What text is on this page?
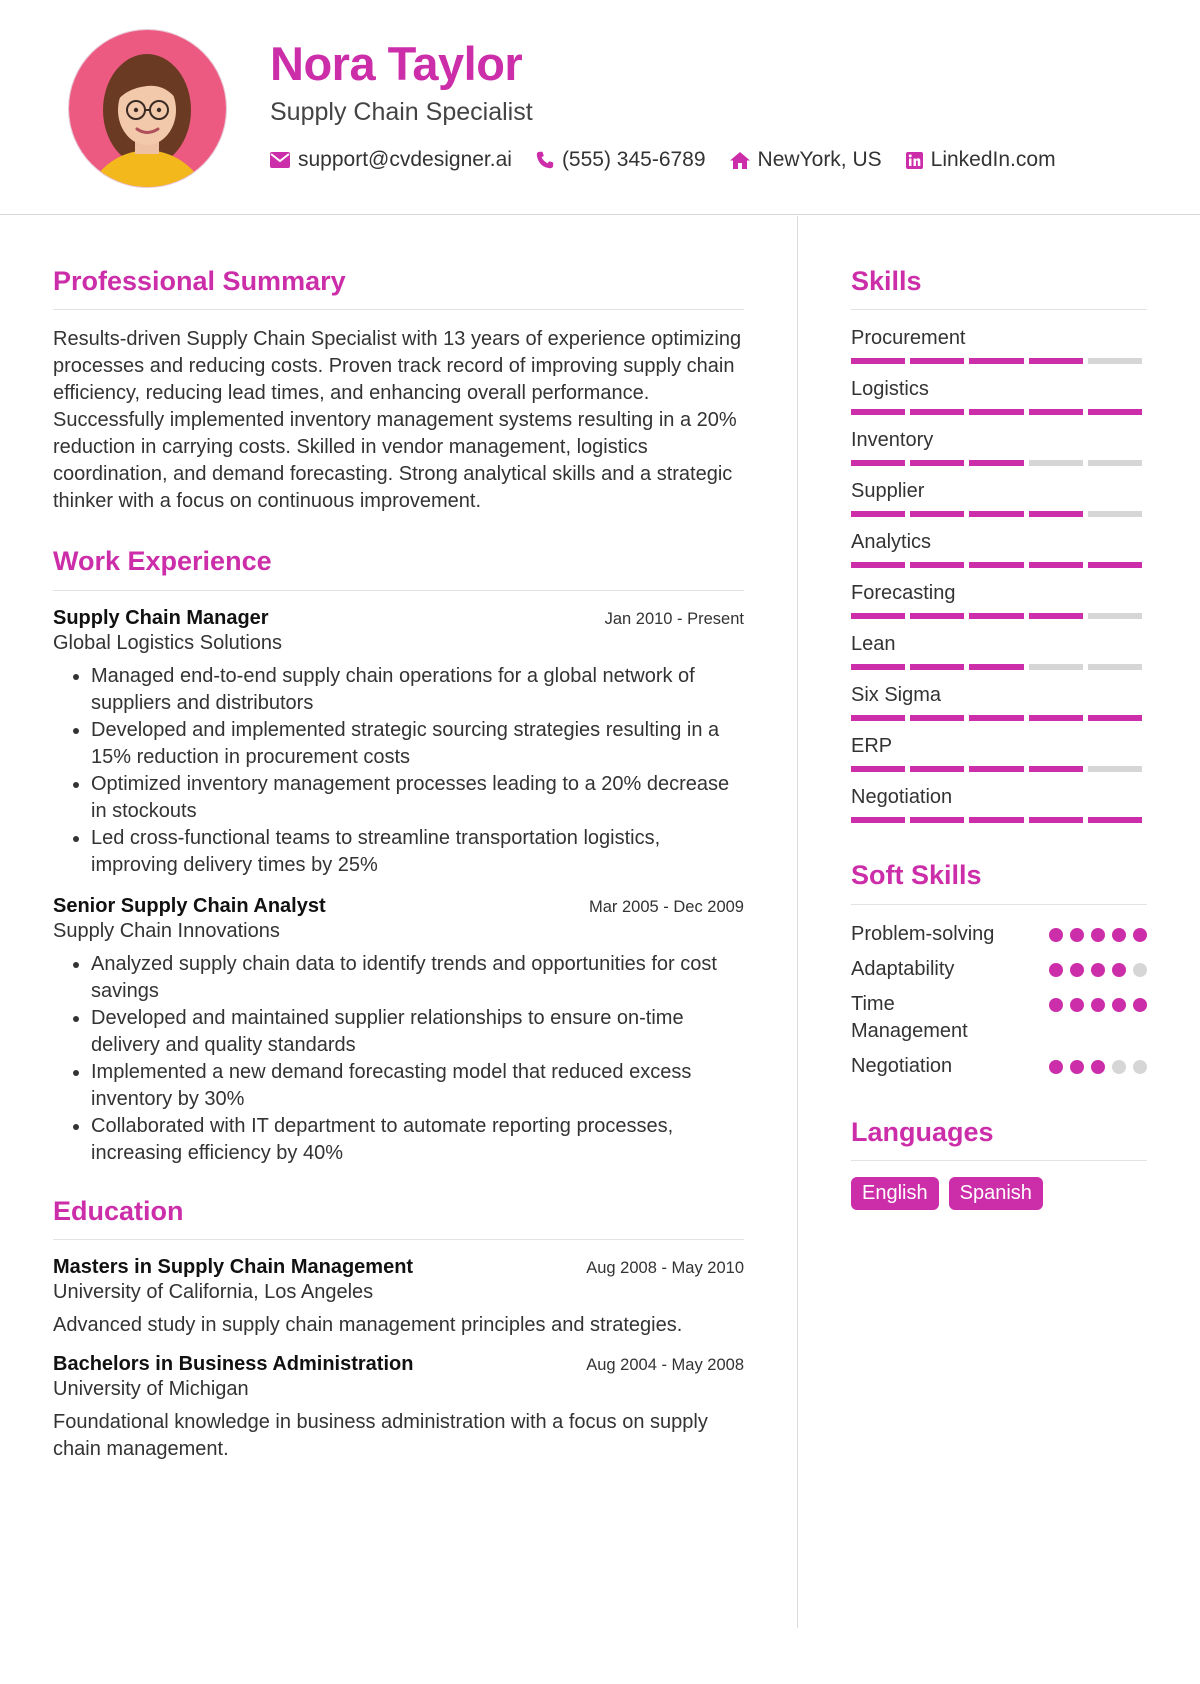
Nora Taylor
Supply Chain Specialist
support@cvdesigner.ai (555) 345-6789 NewYork, US LinkedIn.com
Professional Summary

Results-driven Supply Chain Specialist with 13 years of experience optimizing processes and reducing costs. Proven track record of improving supply chain efficiency, reducing lead times, and enhancing overall performance. Successfully implemented inventory management systems resulting in a 20% reduction in carrying costs. Skilled in vendor management, logistics coordination, and demand forecasting. Strong analytical skills and a strategic thinker with a focus on continuous improvement.

Work Experience
Supply Chain Manager	Jan 2010 - Present
Global Logistics Solutions
• Managed end-to-end supply chain operations for a global network of suppliers and distributors
• Developed and implemented strategic sourcing strategies resulting in a 15% reduction in procurement costs
• Optimized inventory management processes leading to a 20% decrease in stockouts
• Led cross-functional teams to streamline transportation logistics, improving delivery times by 25%
Senior Supply Chain Analyst	Mar 2005 - Dec 2009
Supply Chain Innovations
• Analyzed supply chain data to identify trends and opportunities for cost savings
• Developed and maintained supplier relationships to ensure on-time delivery and quality standards
• Implemented a new demand forecasting model that reduced excess inventory by 30%
• Collaborated with IT department to automate reporting processes, increasing efficiency by 40%
Education
Masters in Supply Chain Management	Aug 2008 - May 2010
University of California, Los Angeles
Advanced study in supply chain management principles and strategies.
Bachelors in Business Administration	Aug 2004 - May 2008
University of Michigan
Foundational knowledge in business administration with a focus on supply chain management.
Skills
Procurement
Logistics
Inventory
Supplier
Analytics
Forecasting
Lean
Six Sigma
ERP
Negotiation
Soft Skills
Problem-solving
Adaptability
Time Management
Negotiation
Languages
English	Spanish
